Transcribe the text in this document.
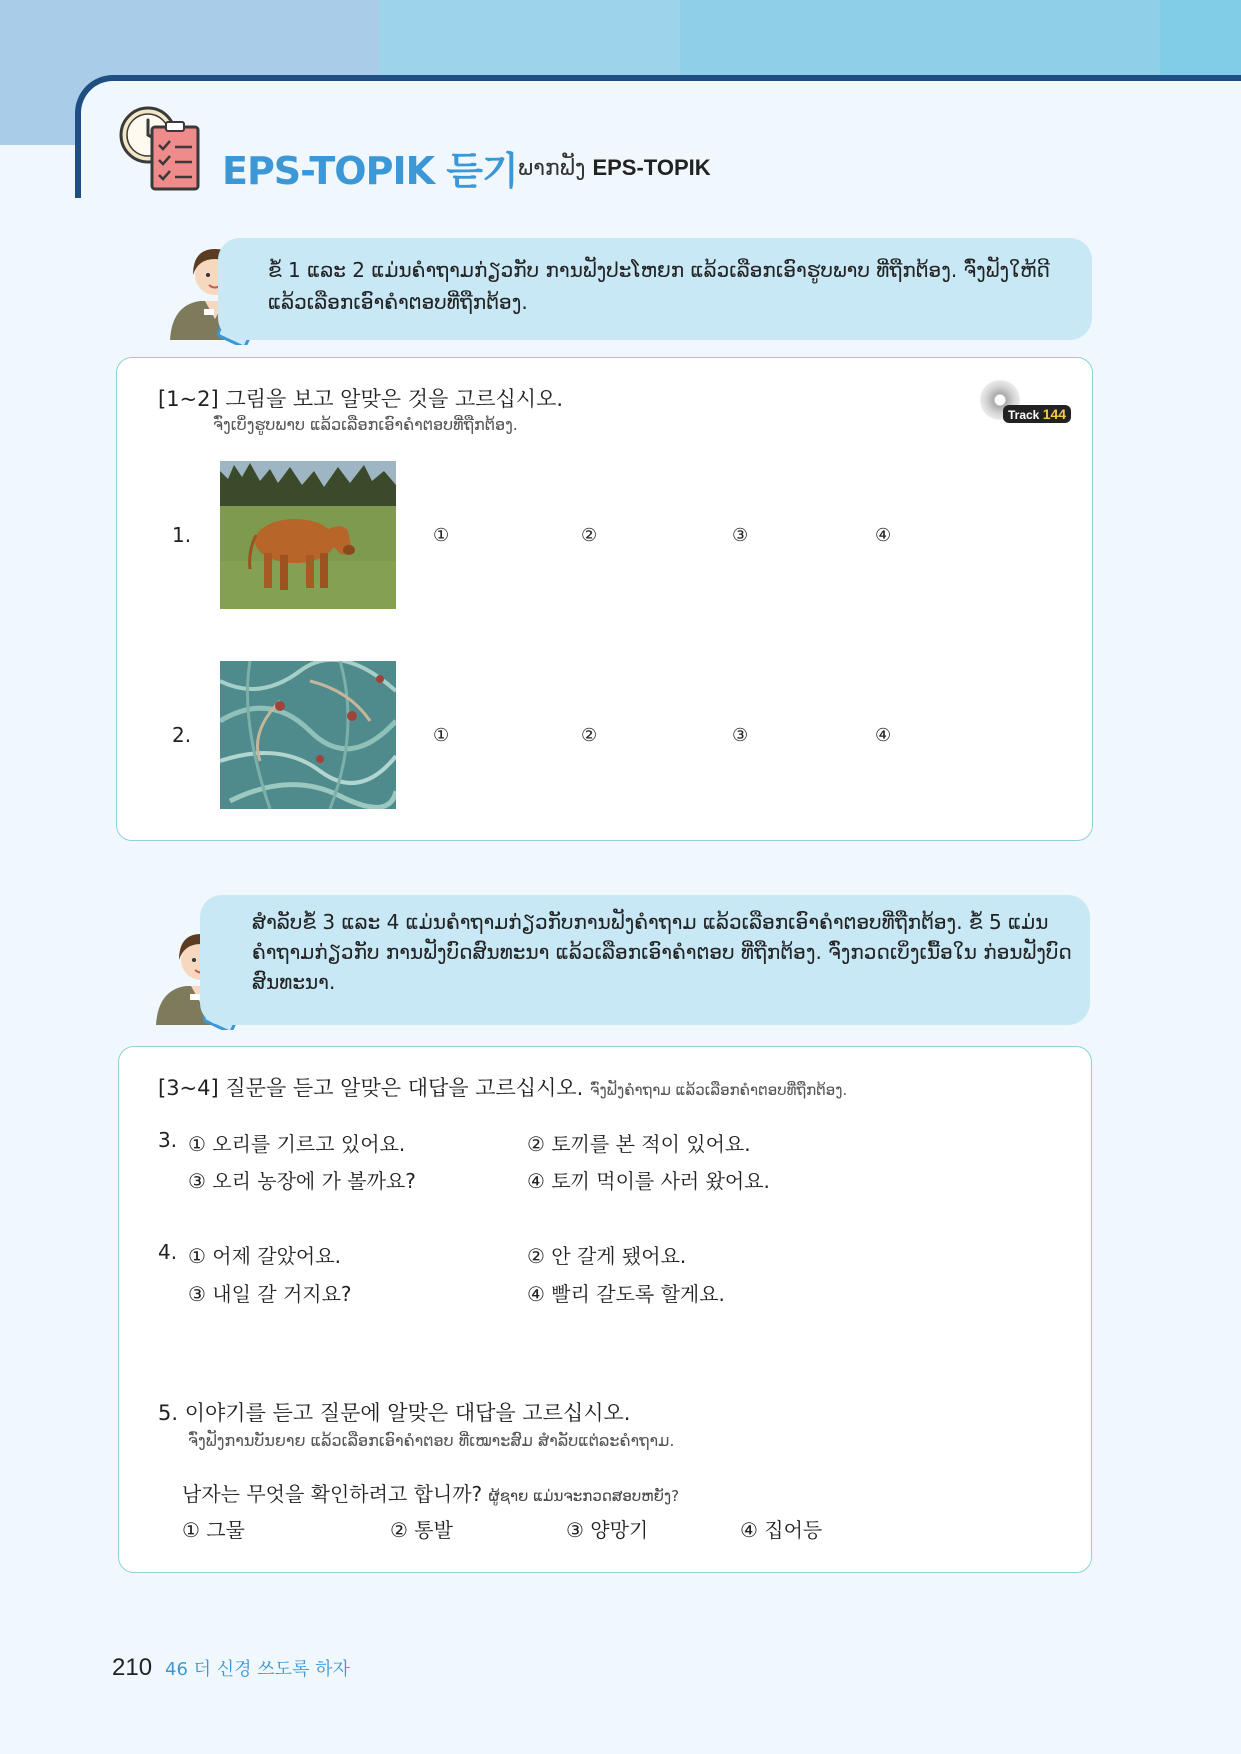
EPS-TOPIK 듣기 ພາກຟັງ EPS-TOPIK
ຂໍ້ 1 ແລະ 2 ແມ່ນຄຳຖາມກ່ຽວກັບ ການຟັງປະໂຫຍກ ແລ້ວເລືອກເອົາຮູບພາບ ທີ່ຖືກຕ້ອງ. ຈົ່ງຟັງໃຫ້ດີ ແລ້ວເລືອກເອົາຄຳຕອບທີ່ຖືກຕ້ອງ.
[1~2] 그림을 보고 알맞은 것을 고르십시오.
ຈົ່ງເບິ່ງຮູບພາບ ແລ້ວເລືອກເອົາຄຳຕອບທີ່ຖືກຕ້ອງ.	Track 144
1.	①	②	③	④
2.	①	②	③	④
ສຳລັບຂໍ້ 3 ແລະ 4 ແມ່ນຄຳຖາມກ່ຽວກັບການຟັງຄຳຖາມ ແລ້ວເລືອກເອົາຄຳຕອບທີ່ຖືກຕ້ອງ. ຂໍ້ 5 ແມ່ນຄຳຖາມກ່ຽວກັບ ການຟັງບົດສົນທະນາ ແລ້ວເລືອກເອົາຄຳຕອບ ທີ່ຖືກຕ້ອງ. ຈົ່ງກວດເບິ່ງເນື້ອໃນ ກ່ອນຟັງບົດສົນທະນາ.
[3~4] 질문을 듣고 알맞은 대답을 고르십시오. ຈົ່ງຟັງຄຳຖາມ ແລ້ວເລືອກຄຳຕອບທີ່ຖືກຕ້ອງ.
3. ① 오리를 기르고 있어요.	② 토끼를 본 적이 있어요.
③ 오리 농장에 가 볼까요?	④ 토끼 먹이를 사러 왔어요.
4. ① 어제 갈았어요.	② 안 갈게 됐어요.
③ 내일 갈 거지요?	④ 빨리 갈도록 할게요.
5. 이야기를 듣고 질문에 알맞은 대답을 고르십시오.
ຈົ່ງຟັງການບັນຍາຍ ແລ້ວເລືອກເອົາຄຳຕອບ ທີ່ເໝາະສົມ ສຳລັບແຕ່ລະຄຳຖາມ.
남자는 무엇을 확인하려고 합니까? ຜູ້ຊາຍ ແມ່ນຈະກວດສອບຫຍັງ?
① 그물	② 통발	③ 양망기	④ 집어등
210 46 더 신경 쓰도록 하자
